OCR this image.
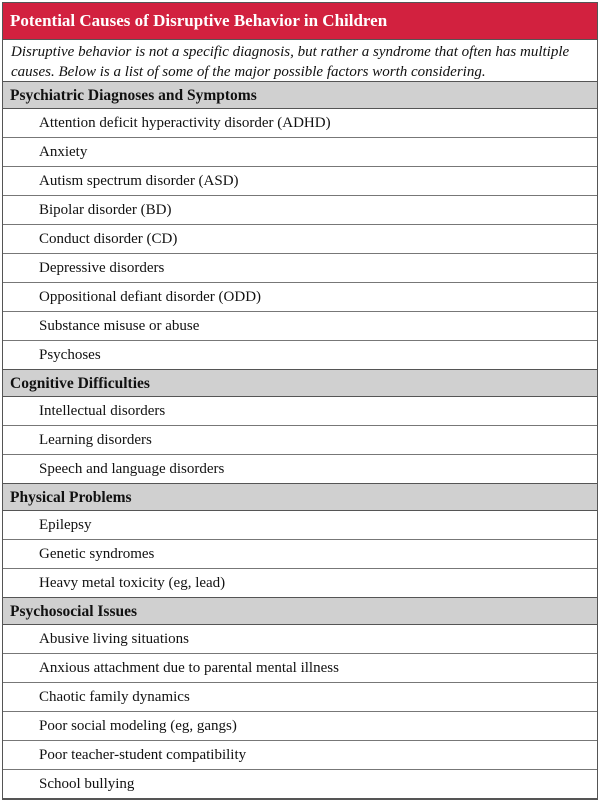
Potential Causes of Disruptive Behavior in Children
Disruptive behavior is not a specific diagnosis, but rather a syndrome that often has multiple causes. Below is a list of some of the major possible factors worth considering.
Psychiatric Diagnoses and Symptoms
Attention deficit hyperactivity disorder (ADHD)
Anxiety
Autism spectrum disorder (ASD)
Bipolar disorder (BD)
Conduct disorder (CD)
Depressive disorders
Oppositional defiant disorder (ODD)
Substance misuse or abuse
Psychoses
Cognitive Difficulties
Intellectual disorders
Learning disorders
Speech and language disorders
Physical Problems
Epilepsy
Genetic syndromes
Heavy metal toxicity (eg, lead)
Psychosocial Issues
Abusive living situations
Anxious attachment due to parental mental illness
Chaotic family dynamics
Poor social modeling (eg, gangs)
Poor teacher-student compatibility
School bullying
